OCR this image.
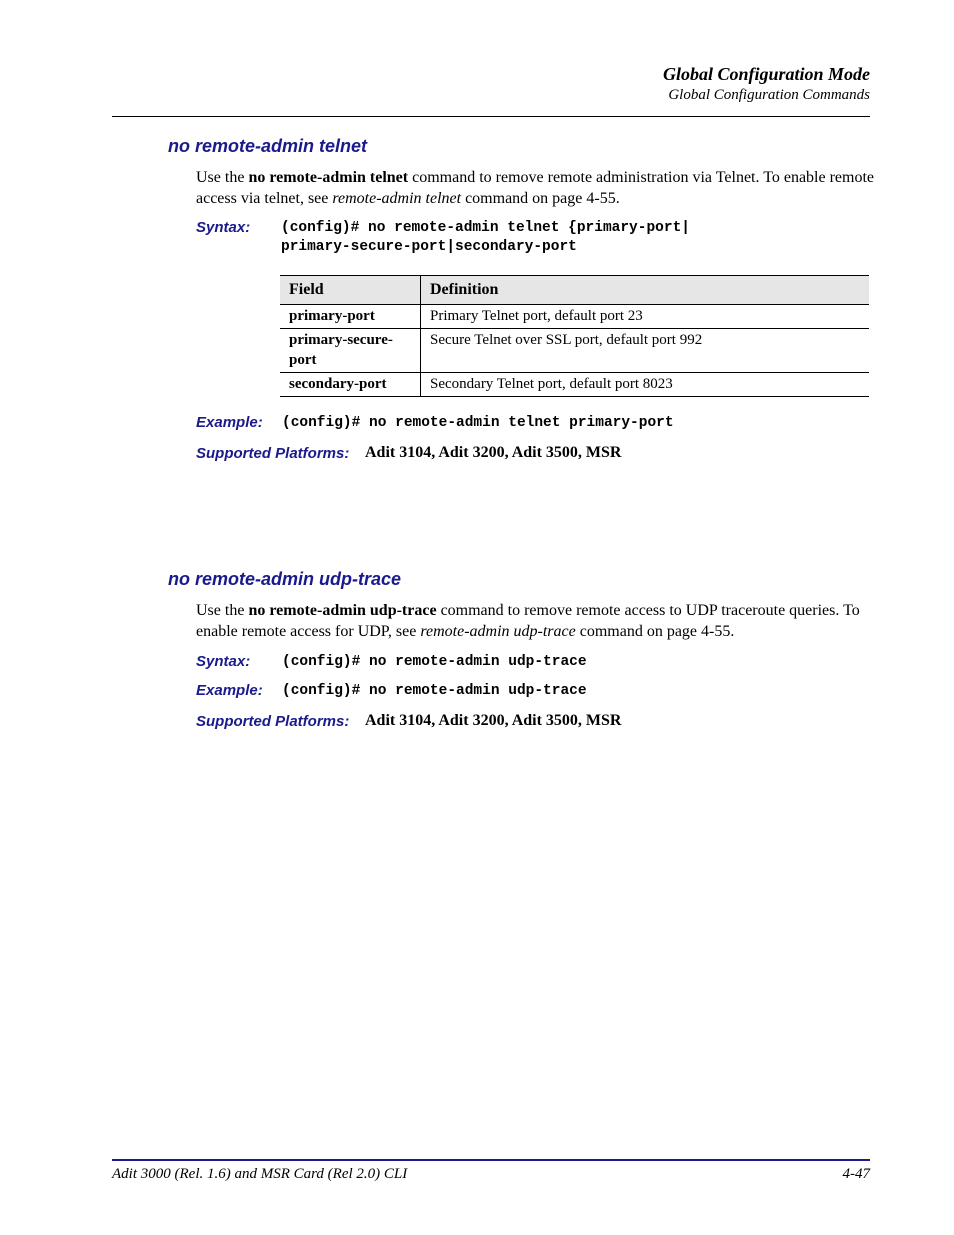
Global Configuration Mode
Global Configuration Commands
no remote-admin telnet
Use the no remote-admin telnet command to remove remote administration via Telnet. To enable remote access via telnet, see remote-admin telnet command on page 4-55.
Syntax: (config)# no remote-admin telnet {primary-port|
primary-secure-port|secondary-port
Field	Definition
primary-port	Primary Telnet port, default port 23
primary-secure-port	Secure Telnet over SSL port, default port 992
secondary-port	Secondary Telnet port, default port 8023
Example: (config)# no remote-admin telnet primary-port
Supported Platforms: Adit 3104, Adit 3200, Adit 3500, MSR
no remote-admin udp-trace
Use the no remote-admin udp-trace command to remove remote access to UDP traceroute queries. To enable remote access for UDP, see remote-admin udp-trace command on page 4-55.
Syntax: (config)# no remote-admin udp-trace
Example: (config)# no remote-admin udp-trace
Supported Platforms: Adit 3104, Adit 3200, Adit 3500, MSR
Adit 3000 (Rel. 1.6) and MSR Card (Rel 2.0) CLI	4-47
